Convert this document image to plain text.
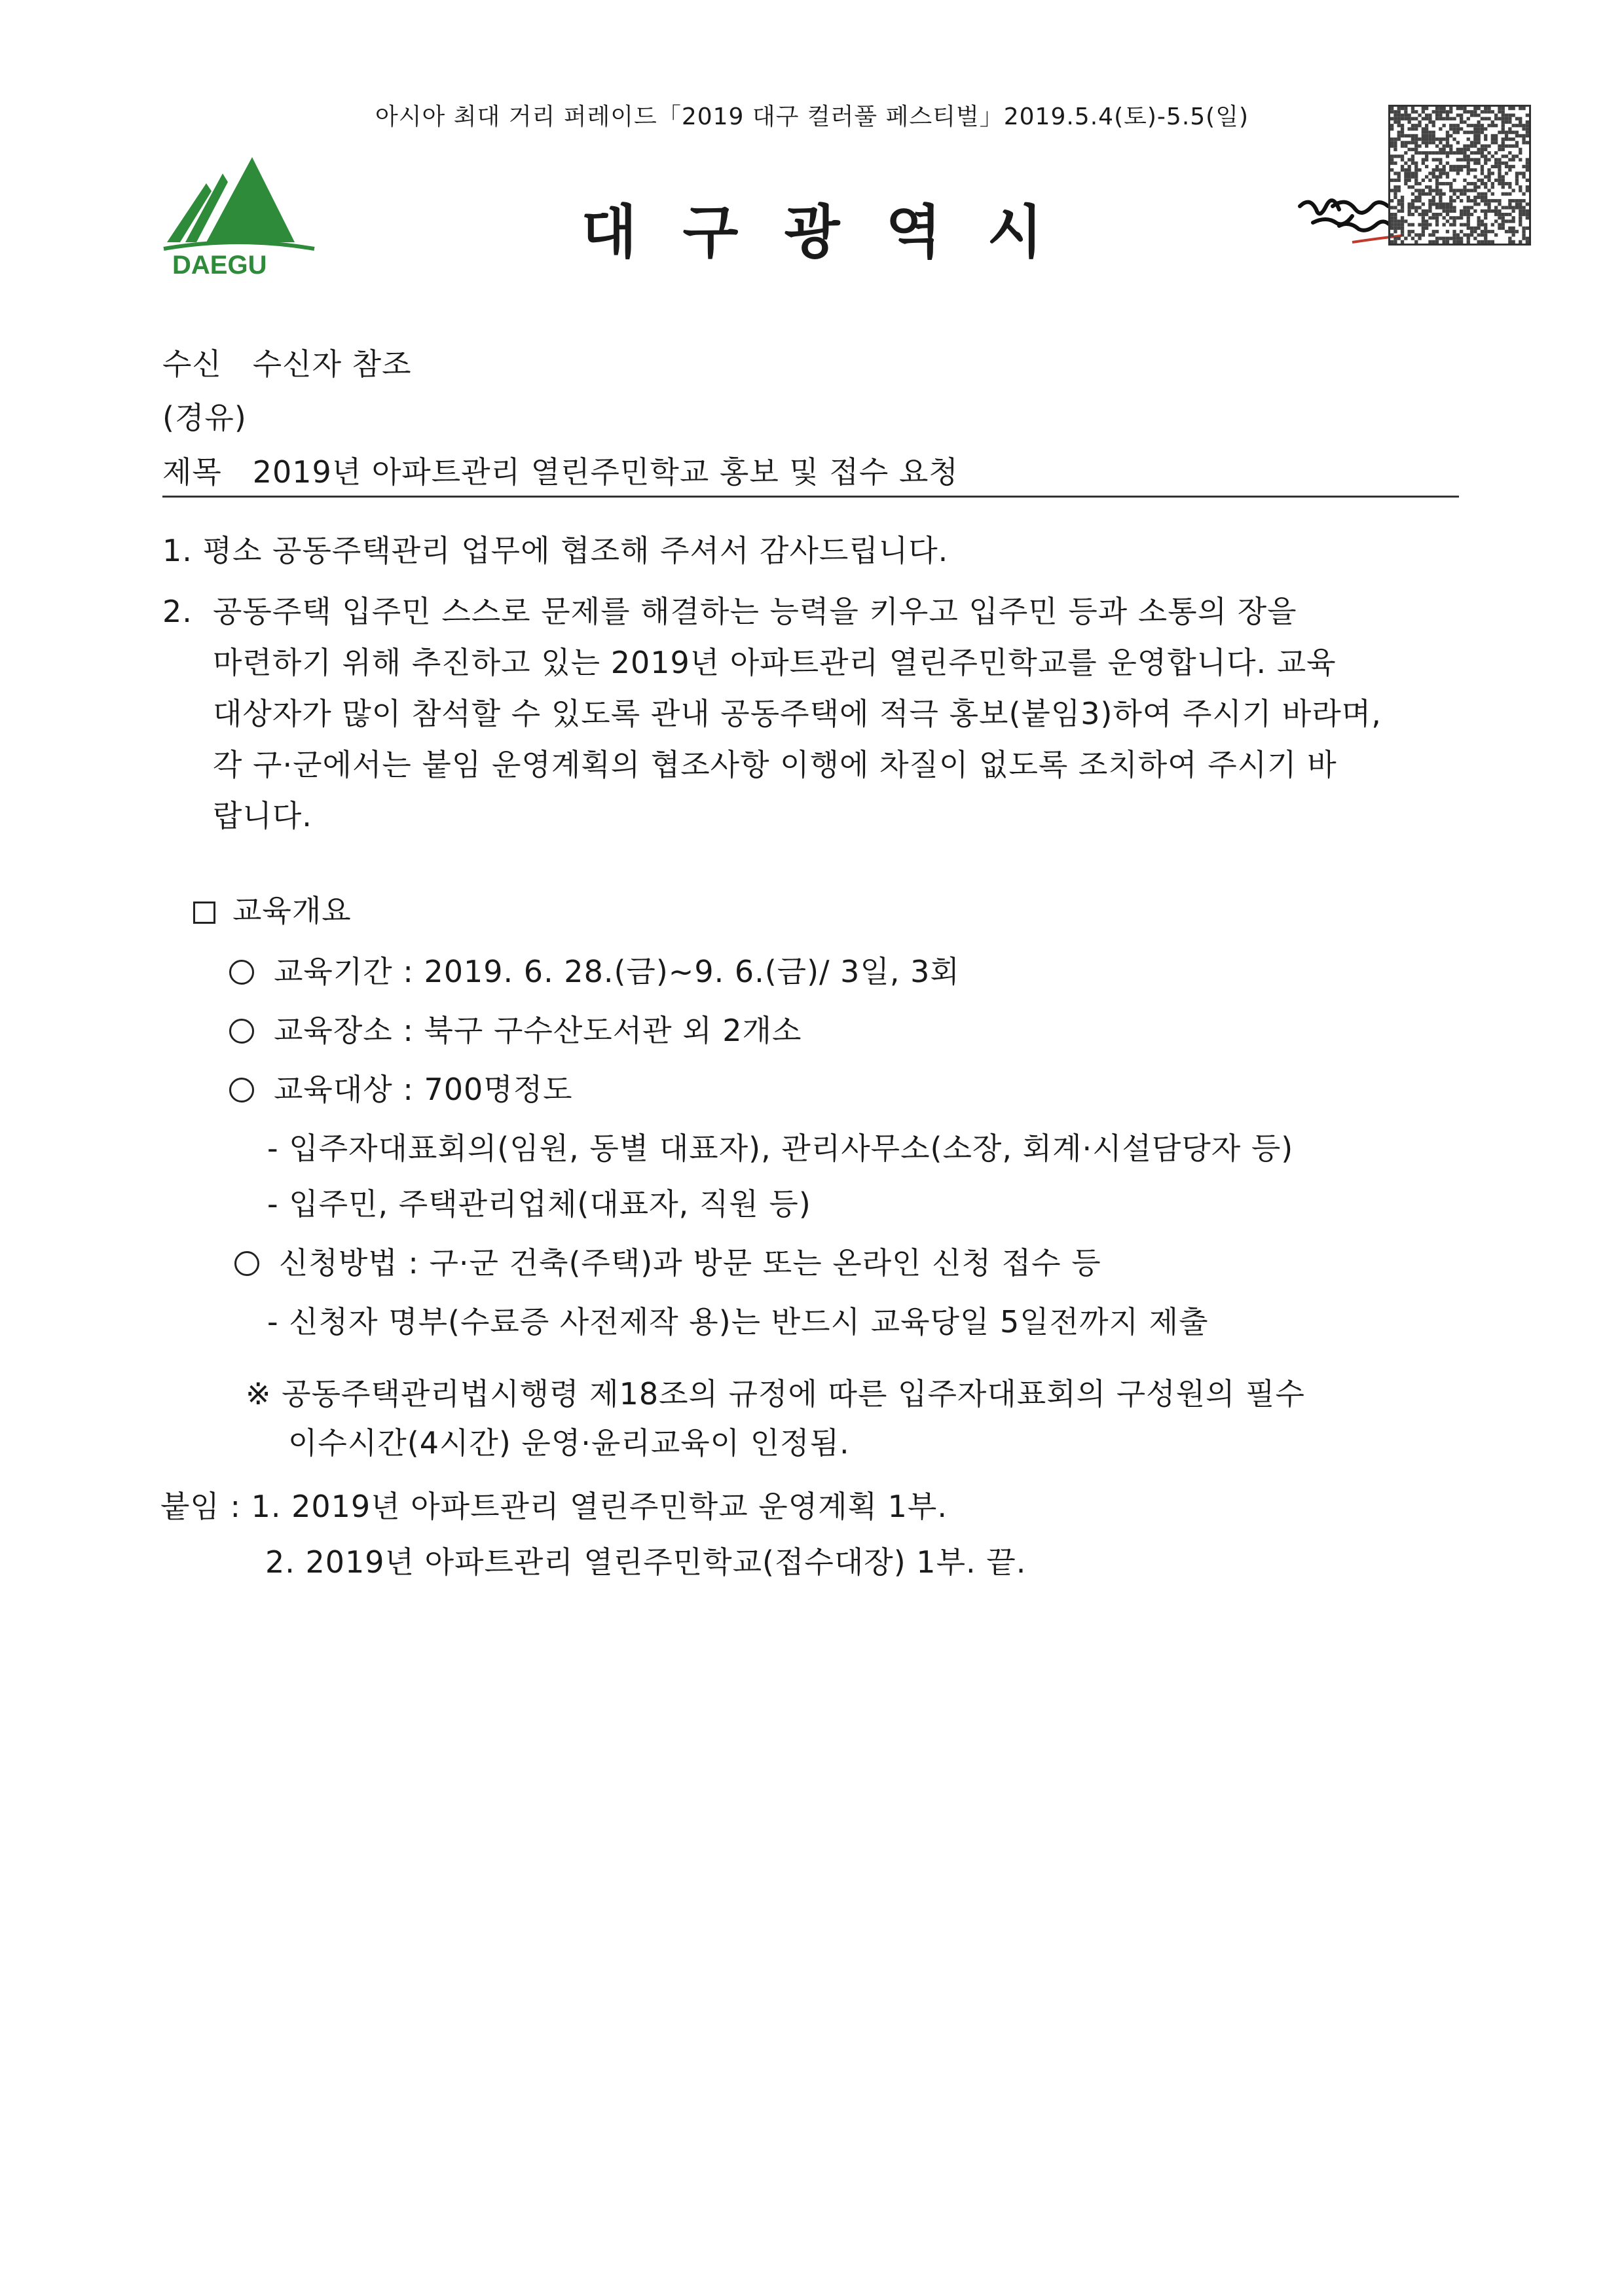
아시아 최대 거리 퍼레이드「2019 대구 컬러풀 페스티벌」2019.5.4(토)-5.5(일)
DAEGU	대구광역시
수신 수신자 참조
(경유)
제목 2019년 아파트관리 열린주민학교 홍보 및 접수 요청
1. 평소 공동주택관리 업무에 협조해 주셔서 감사드립니다.
2. 공동주택 입주민 스스로 문제를 해결하는 능력을 키우고 입주민 등과 소통의 장을
마련하기 위해 추진하고 있는 2019년 아파트관리 열린주민학교를 운영합니다. 교육
대상자가 많이 참석할 수 있도록 관내 공동주택에 적극 홍보(붙임3)하여 주시기 바라며,
각 구·군에서는 붙임 운영계획의 협조사항 이행에 차질이 없도록 조치하여 주시기 바
랍니다.
교육개요
교육기간 : 2019. 6. 28.(금)~9. 6.(금)/ 3일, 3회
교육장소 : 북구 구수산도서관 외 2개소
교육대상 : 700명정도
- 입주자대표회의(임원, 동별 대표자), 관리사무소(소장, 회계·시설담당자 등)
- 입주민, 주택관리업체(대표자, 직원 등)
신청방법 : 구·군 건축(주택)과 방문 또는 온라인 신청 접수 등
- 신청자 명부(수료증 사전제작 용)는 반드시 교육당일 5일전까지 제출
※ 공동주택관리법시행령 제18조의 규정에 따른 입주자대표회의 구성원의 필수
이수시간(4시간) 운영·윤리교육이 인정됨.
붙임 : 1. 2019년 아파트관리 열린주민학교 운영계획 1부.
2. 2019년 아파트관리 열린주민학교(접수대장) 1부. 끝.
